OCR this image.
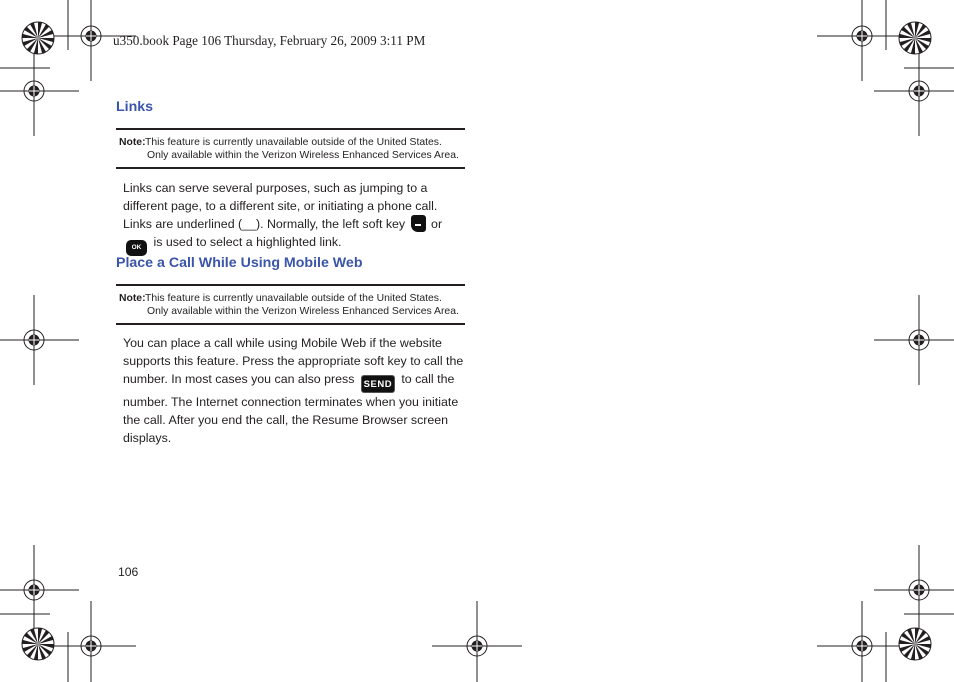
u350.book Page 106 Thursday, February 26, 2009 3:11 PM
Links
Note: This feature is currently unavailable outside of the United States. Only available within the Verizon Wireless Enhanced Services Area.
Links can serve several purposes, such as jumping to a different page, to a different site, or initiating a phone call. Links are underlined (__). Normally, the left soft key or OK is used to select a highlighted link.
Place a Call While Using Mobile Web
Note: This feature is currently unavailable outside of the United States. Only available within the Verizon Wireless Enhanced Services Area.
You can place a call while using Mobile Web if the website supports this feature. Press the appropriate soft key to call the number. In most cases you can also press SEND to call the number. The Internet connection terminates when you initiate the call. After you end the call, the Resume Browser screen displays.
106
